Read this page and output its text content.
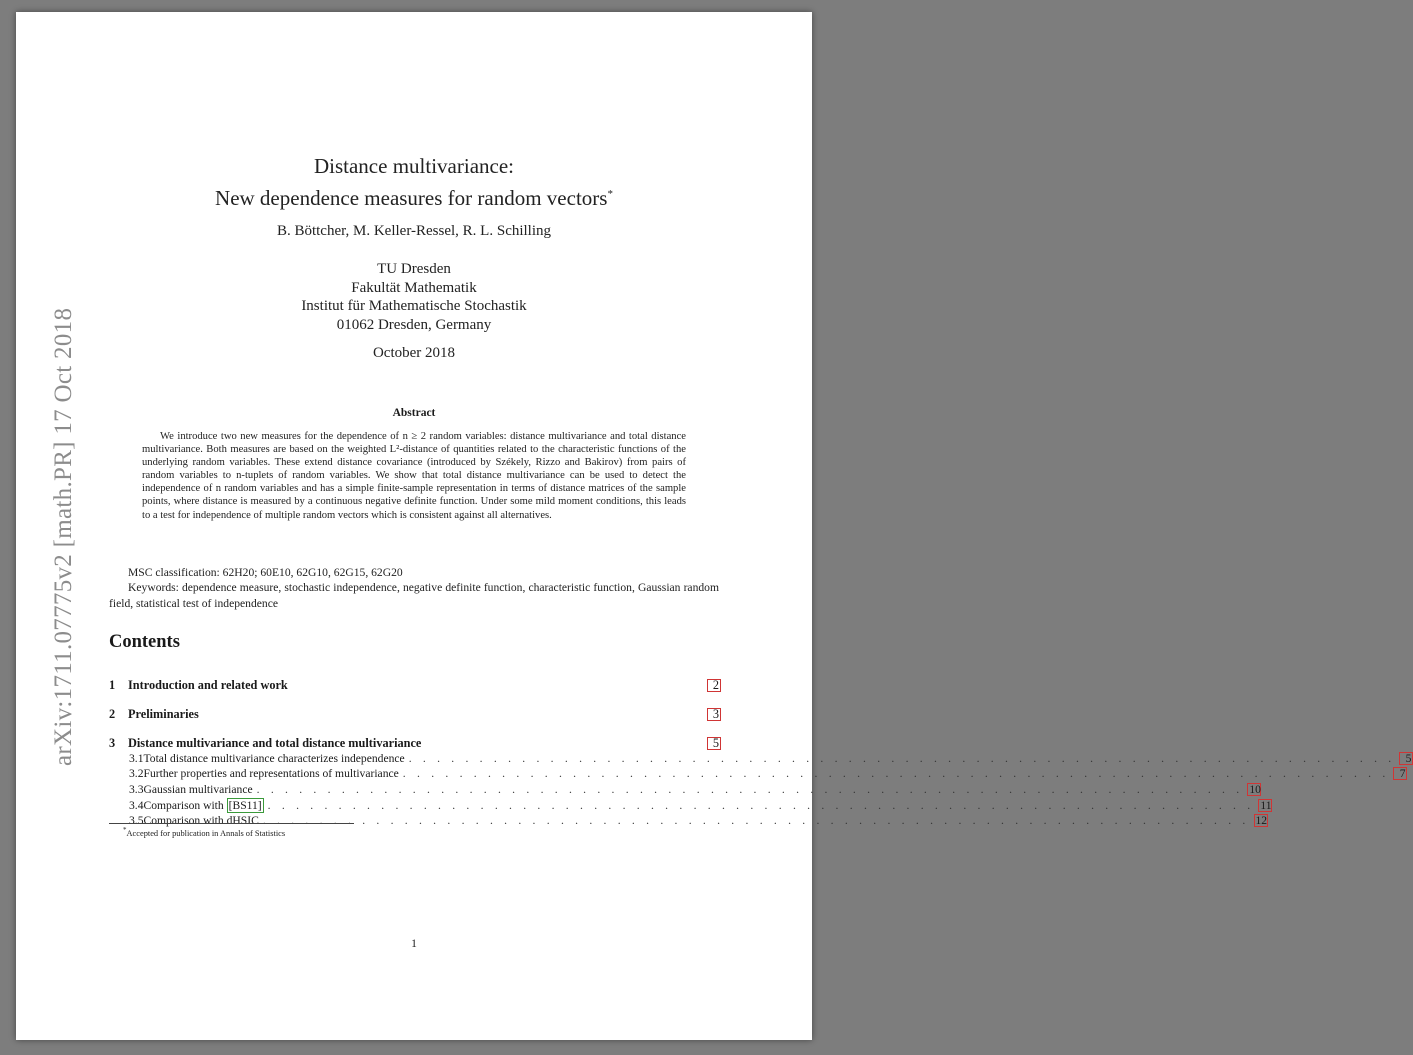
arXiv:1711.07775v2 [math.PR] 17 Oct 2018
Distance multivariance:
New dependence measures for random vectors*
B. Böttcher, M. Keller-Ressel, R. L. Schilling
TU Dresden
Fakultät Mathematik
Institut für Mathematische Stochastik
01062 Dresden, Germany
October 2018
Abstract
We introduce two new measures for the dependence of n ≥ 2 random variables: distance multivariance and total distance multivariance. Both measures are based on the weighted L²-distance of quantities related to the characteristic functions of the underlying random variables. These extend distance covariance (introduced by Székely, Rizzo and Bakirov) from pairs of random variables to n-tuplets of random variables. We show that total distance multivariance can be used to detect the independence of n random variables and has a simple finite-sample representation in terms of distance matrices of the sample points, where distance is measured by a continuous negative definite function. Under some mild moment conditions, this leads to a test for independence of multiple random vectors which is consistent against all alternatives.
MSC classification: 62H20; 60E10, 62G10, 62G15, 62G20
Keywords: dependence measure, stochastic independence, negative definite function, characteristic function, Gaussian random field, statistical test of independence
Contents
1	Introduction and related work	2
2	Preliminaries	3
3	Distance multivariance and total distance multivariance	5
3.1 Total distance multivariance characterizes independence . . . . . . . . . . . . . . . . . . . . . . . . . . . . . . . . . . . . . . . . . . . . . . . . . . . . . . . . . . . . . . . . . . . . . . 5
3.2 Further properties and representations of multivariance . . . . . . . . . . . . . . . . . . . . . . . . . . . . . . . . . . . . . . . . . . . . . . . . . . . . . . . . . . . . . . . . . . . . . . 7
3.3 Gaussian multivariance . . . . . . . . . . . . . . . . . . . . . . . . . . . . . . . . . . . . . . . . . . . . . . . . . . . . . . . . . . . . . . . . . . . . . . 10
3.4 Comparison with [BS11] . . . . . . . . . . . . . . . . . . . . . . . . . . . . . . . . . . . . . . . . . . . . . . . . . . . . . . . . . . . . . . . . . . . . . . 11
3.5 Comparison with dHSIC . . . . . . . . . . . . . . . . . . . . . . . . . . . . . . . . . . . . . . . . . . . . . . . . . . . . . . . . . . . . . . . . . . . . . . 12
*Accepted for publication in Annals of Statistics
1
